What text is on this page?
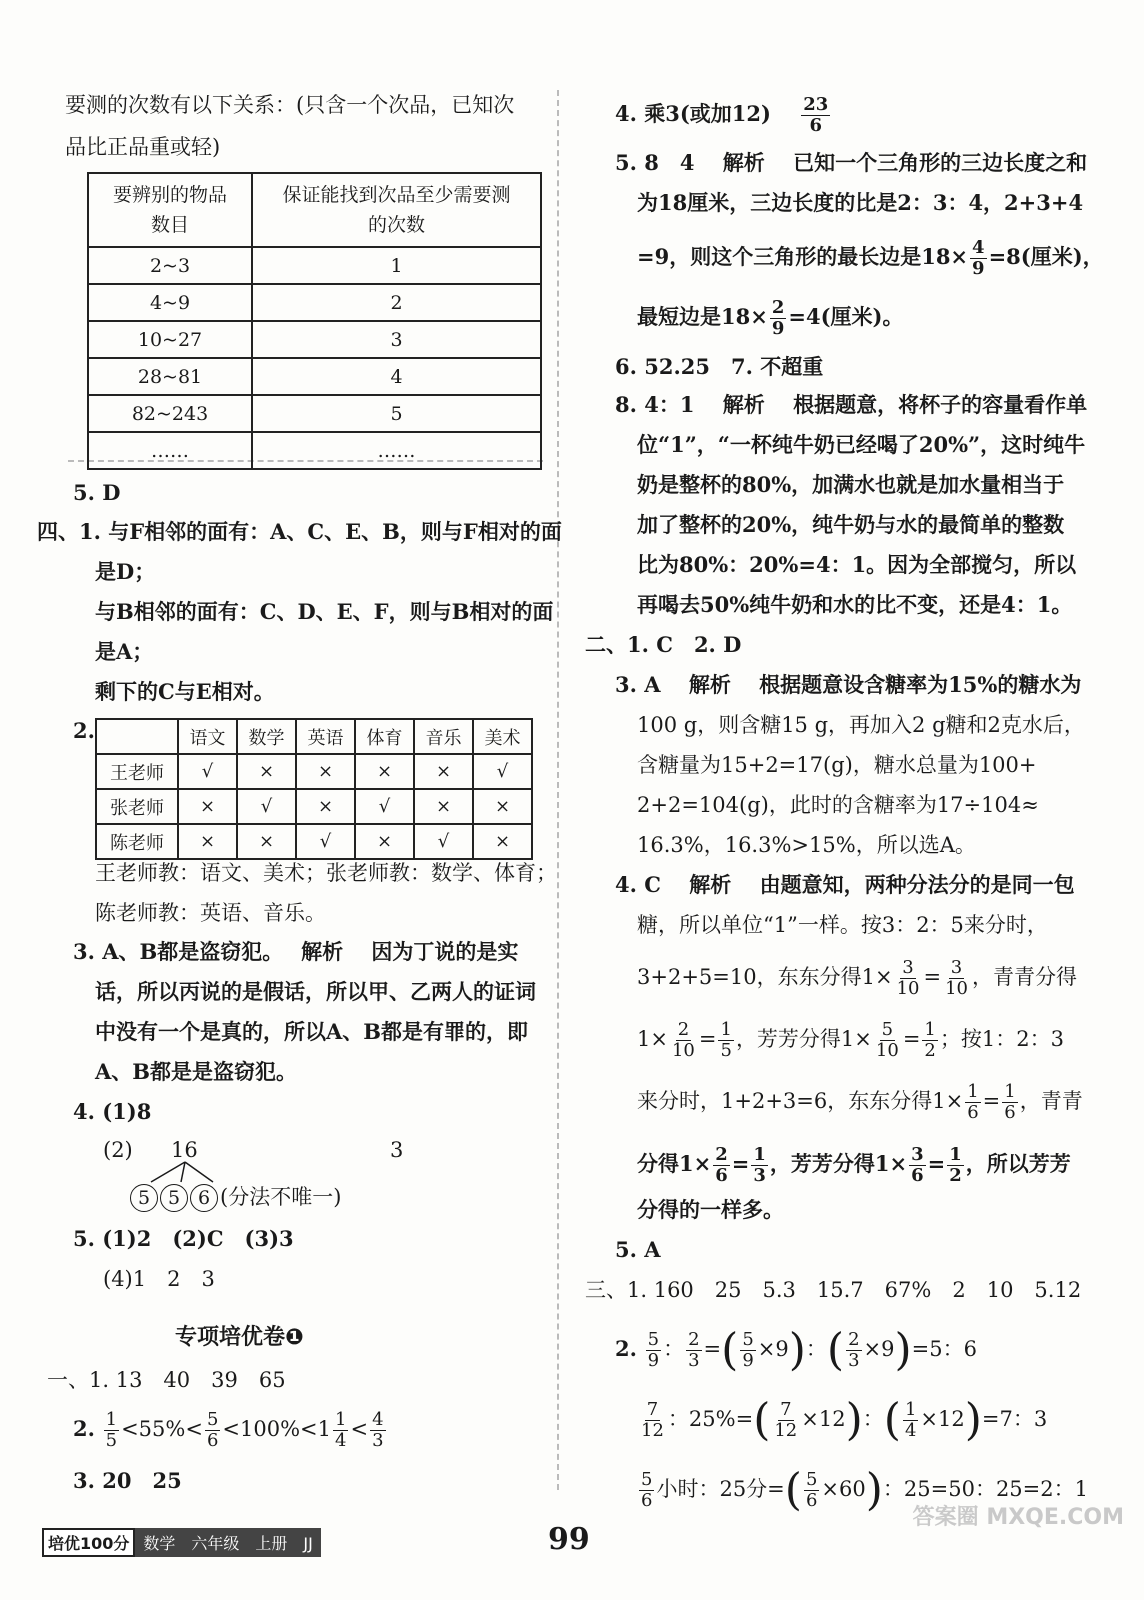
要测的次数有以下关系：(只含一个次品，已知次
品比正品重或轻)
要辨别的物品
数目	保证能找到次品至少需要测
的次数
2~3	1
4~9	2
10~27	3
28~81	4
82~243	5
……	……
5. D
四、1. 与F相邻的面有：A、C、E、B，则与F相对的面
是D；
与B相邻的面有：C、D、E、F，则与B相对的面
是A；
剩下的C与E相对。
2.
		语文	数学	英语	体育	音乐	美术
王老师	√	×	×	×	×	√
张老师	×	√	×	√	×	×
陈老师	×	×	√	×	√	×
王老师教：语文、美术；张老师教：数学、体育；
陈老师教：英语、音乐。
3. A、B都是盗窃犯。　 解析　 因为丁说的是实
话，所以丙说的是假话，所以甲、乙两人的证词
中没有一个是真的，所以A、B都是有罪的，即
A、B都是是盗窃犯。
4. (1)8
(2) 16	3
5 5 6 (分法不唯一)
5. (1)2　(2)C　(3)3
(4)1　2　3
一、1. 13　40　39　65
2. $\frac{1}{5} <55\%< \frac{5}{6} <100\%<1 \frac{1}{4} < \frac{4}{3}$
3. 20　25
专项培优卷❶
4. 乘3(或加12)　 $\frac{23}{6}$
5. 8　4　 解析　 已知一个三角形的三边长度之和
为18厘米，三边长度的比是2：3：4，2+3+4
=9，则这个三角形的最长边是$18\times \frac{4}{9} =8$(厘米)，
最短边是$18\times \frac{2}{9} =4$(厘米)。
6. 52.25　7. 不超重
8. 4：1　 解析　 根据题意，将杯子的容量看作单
位“1”，“一杯纯牛奶已经喝了20%”，这时纯牛
奶是整杯的80%，加满水也就是加水量相当于
加了整杯的20%，纯牛奶与水的最简单的整数
比为80%：20%=4：1。因为全部搅匀，所以
再喝去50%纯牛奶和水的比不变，还是4：1。
二、1. C　2. D
3. A　 解析　 根据题意设含糖率为15%的糖水为
100 g，则含糖15 g，再加入2 g糖和2克水后，
含糖量为15+2=17(g)，糖水总量为100+
2+2=104(g)，此时的含糖率为17÷104≈
16.3%，16.3%>15%，所以选A。
4. C　 解析　 由题意知，两种分法分的是同一包
糖，所以单位“1”一样。按3：2：5来分时，
3+2+5=10，东东分得$1\times \frac{3}{10} = \frac{3}{10}$ ，青青分得
$1\times \frac{2}{10} = \frac{1}{5}$ ，芳芳分得$1\times \frac{5}{10} = \frac{1}{2}$ ；按1：2：3
来分时，1+2+3=6，东东分得$1\times \frac{1}{6} = \frac{1}{6}$ ，青青
分得$1\times \frac{2}{6} = \frac{1}{3}$ ，芳芳分得$1\times \frac{3}{6} = \frac{1}{2}$ ，所以芳芳
分得的一样多。
5. A
三、1. 160　25　5.3　15.7　67%　2　10　5.12
2. $\frac{5}{9}$ ： $\frac{2}{3}$ =( $\frac{5}{9} \times 9$)：( $\frac{2}{3} \times 9)=5$：6
$\frac{7}{12}$ ：$25\%=( \frac{7}{12} \times 12)$：( $\frac{1}{4} \times 12)=7$：3
$\frac{5}{6}$ 小时：25分=( $\frac{5}{6} \times 60$)：25=50：25=2：1
培优100分 数学　六年级　上册　JJ	99
答案圈 MXQE.COM
